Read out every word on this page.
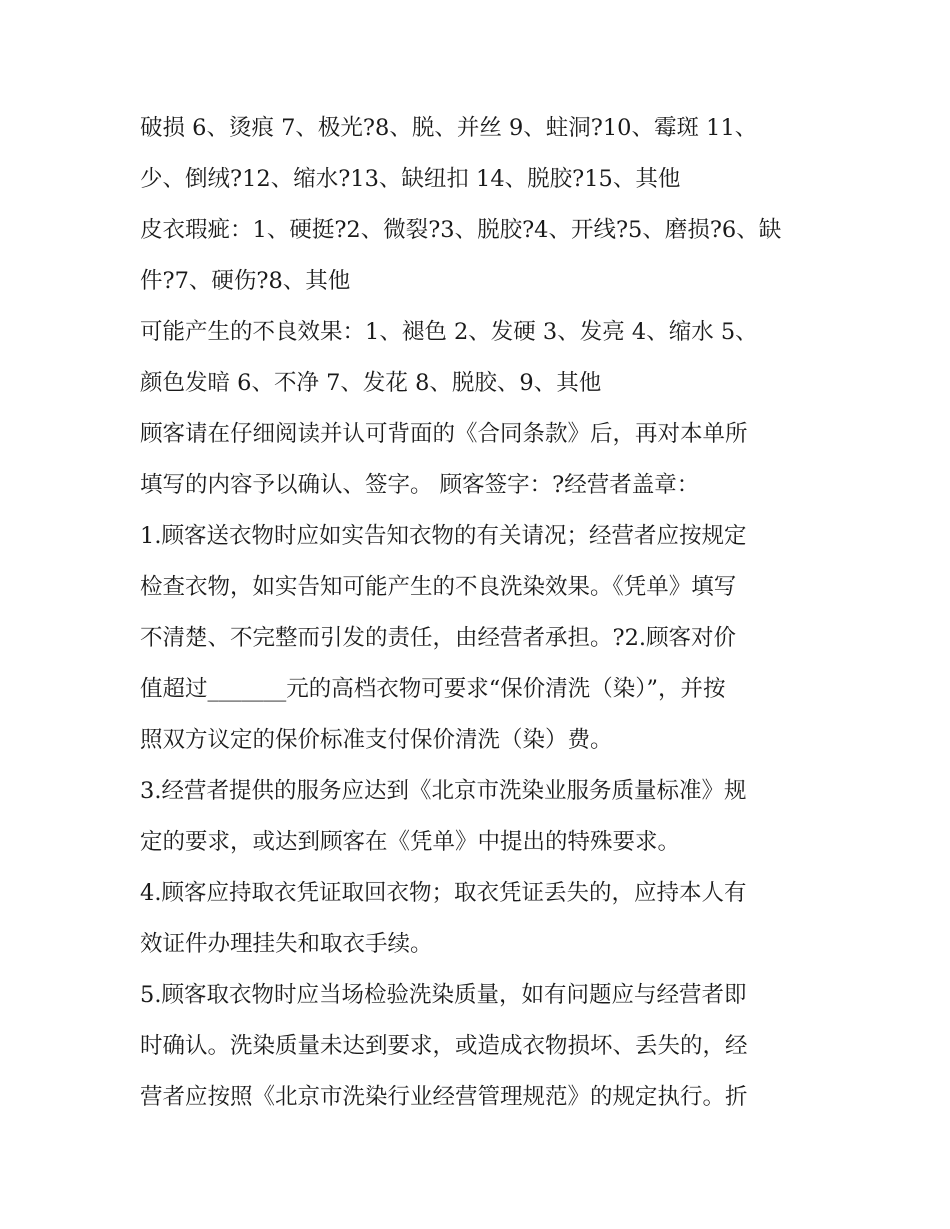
破损 6、烫痕 7、极光?8、脱、并丝 9、蛀洞?10、霉斑 11、
少、倒绒?12、缩水?13、缺纽扣 14、脱胶?15、其他
皮衣瑕疵：1、硬挺?2、微裂?3、脱胶?4、开线?5、磨损?6、缺
件?7、硬伤?8、其他
可能产生的不良效果：1、褪色 2、发硬 3、发亮 4、缩水 5、
颜色发暗 6、不净 7、发花 8、脱胶、9、其他
顾客请在仔细阅读并认可背面的《合同条款》后，再对本单所
填写的内容予以确认、签字。 顾客签字：?经营者盖章：
1.顾客送衣物时应如实告知衣物的有关请况；经营者应按规定
检查衣物，如实告知可能产生的不良洗染效果。《凭单》填写
不清楚、不完整而引发的责任，由经营者承担。?2.顾客对价
值超过_______元的高档衣物可要求“保价清洗（染）”，并按
照双方议定的保价标准支付保价清洗（染）费。
3.经营者提供的服务应达到《北京市洗染业服务质量标准》规
定的要求，或达到顾客在《凭单》中提出的特殊要求。
4.顾客应持取衣凭证取回衣物；取衣凭证丢失的，应持本人有
效证件办理挂失和取衣手续。
5.顾客取衣物时应当场检验洗染质量，如有问题应与经营者即
时确认。洗染质量未达到要求，或造成衣物损坏、丢失的，经
营者应按照《北京市洗染行业经营管理规范》的规定执行。折
